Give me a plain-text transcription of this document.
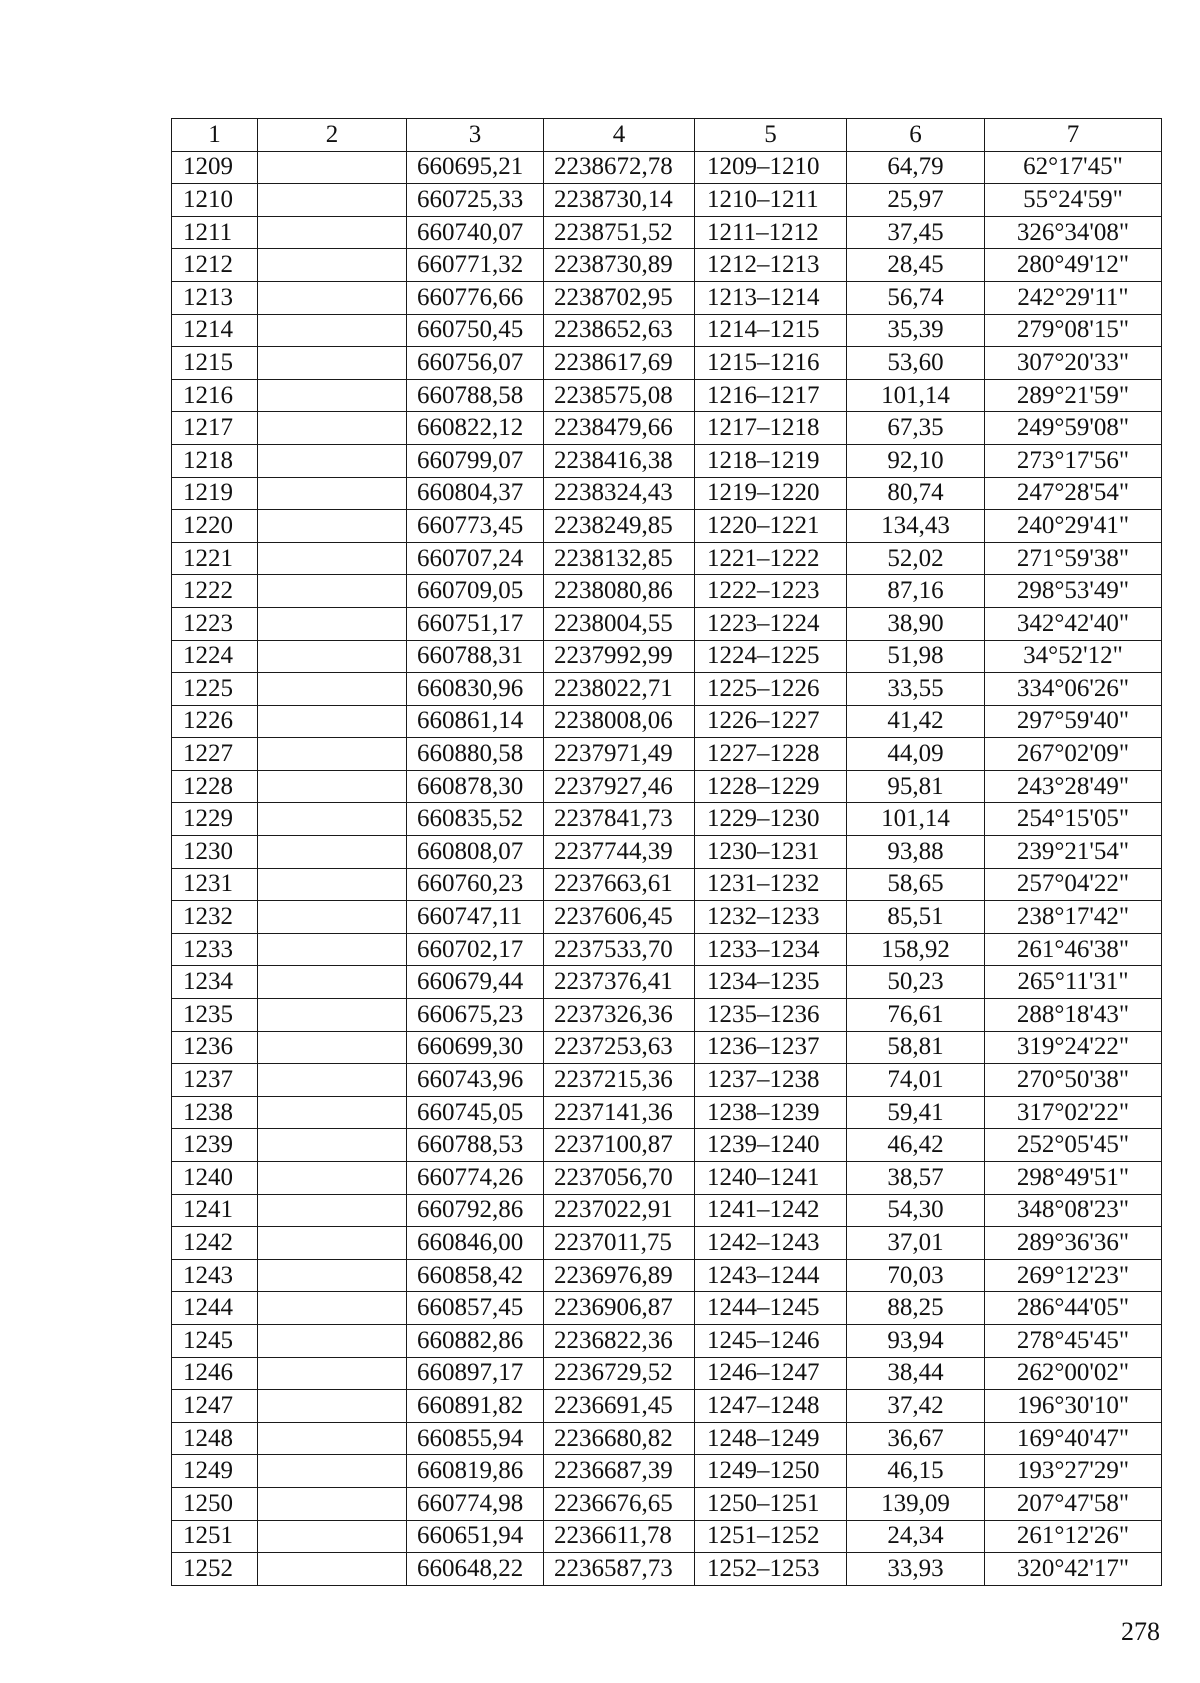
1	2	3	4	5	6	7
1209		660695,21	2238672,78	1209–1210	64,79	62°17'45"
1210		660725,33	2238730,14	1210–1211	25,97	55°24'59"
1211		660740,07	2238751,52	1211–1212	37,45	326°34'08"
1212		660771,32	2238730,89	1212–1213	28,45	280°49'12"
1213		660776,66	2238702,95	1213–1214	56,74	242°29'11"
1214		660750,45	2238652,63	1214–1215	35,39	279°08'15"
1215		660756,07	2238617,69	1215–1216	53,60	307°20'33"
1216		660788,58	2238575,08	1216–1217	101,14	289°21'59"
1217		660822,12	2238479,66	1217–1218	67,35	249°59'08"
1218		660799,07	2238416,38	1218–1219	92,10	273°17'56"
1219		660804,37	2238324,43	1219–1220	80,74	247°28'54"
1220		660773,45	2238249,85	1220–1221	134,43	240°29'41"
1221		660707,24	2238132,85	1221–1222	52,02	271°59'38"
1222		660709,05	2238080,86	1222–1223	87,16	298°53'49"
1223		660751,17	2238004,55	1223–1224	38,90	342°42'40"
1224		660788,31	2237992,99	1224–1225	51,98	34°52'12"
1225		660830,96	2238022,71	1225–1226	33,55	334°06'26"
1226		660861,14	2238008,06	1226–1227	41,42	297°59'40"
1227		660880,58	2237971,49	1227–1228	44,09	267°02'09"
1228		660878,30	2237927,46	1228–1229	95,81	243°28'49"
1229		660835,52	2237841,73	1229–1230	101,14	254°15'05"
1230		660808,07	2237744,39	1230–1231	93,88	239°21'54"
1231		660760,23	2237663,61	1231–1232	58,65	257°04'22"
1232		660747,11	2237606,45	1232–1233	85,51	238°17'42"
1233		660702,17	2237533,70	1233–1234	158,92	261°46'38"
1234		660679,44	2237376,41	1234–1235	50,23	265°11'31"
1235		660675,23	2237326,36	1235–1236	76,61	288°18'43"
1236		660699,30	2237253,63	1236–1237	58,81	319°24'22"
1237		660743,96	2237215,36	1237–1238	74,01	270°50'38"
1238		660745,05	2237141,36	1238–1239	59,41	317°02'22"
1239		660788,53	2237100,87	1239–1240	46,42	252°05'45"
1240		660774,26	2237056,70	1240–1241	38,57	298°49'51"
1241		660792,86	2237022,91	1241–1242	54,30	348°08'23"
1242		660846,00	2237011,75	1242–1243	37,01	289°36'36"
1243		660858,42	2236976,89	1243–1244	70,03	269°12'23"
1244		660857,45	2236906,87	1244–1245	88,25	286°44'05"
1245		660882,86	2236822,36	1245–1246	93,94	278°45'45"
1246		660897,17	2236729,52	1246–1247	38,44	262°00'02"
1247		660891,82	2236691,45	1247–1248	37,42	196°30'10"
1248		660855,94	2236680,82	1248–1249	36,67	169°40'47"
1249		660819,86	2236687,39	1249–1250	46,15	193°27'29"
1250		660774,98	2236676,65	1250–1251	139,09	207°47'58"
1251		660651,94	2236611,78	1251–1252	24,34	261°12'26"
1252		660648,22	2236587,73	1252–1253	33,93	320°42'17"
278
